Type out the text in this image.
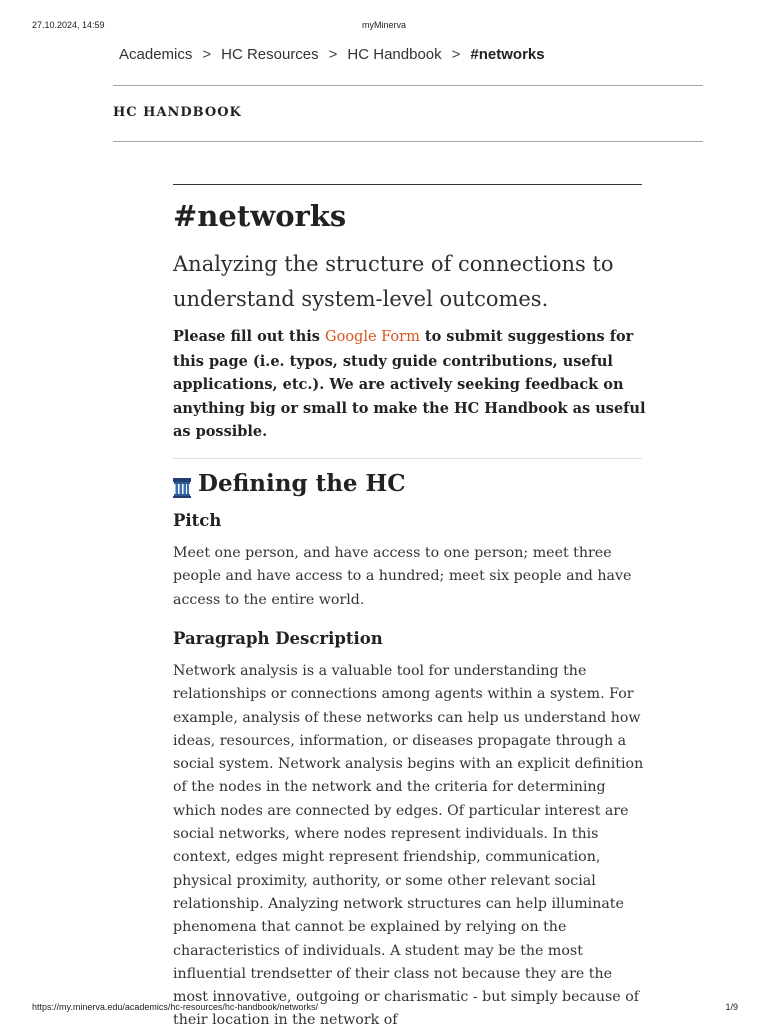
27.10.2024, 14:59	myMinerva
Academics > HC Resources > HC Handbook > #networks
HC HANDBOOK
#networks

Analyzing the structure of connections to understand system-level outcomes.

Please fill out this Google Form to submit suggestions for this page (i.e. typos, study guide contributions, useful applications, etc.). We are actively seeking feedback on anything big or small to make the HC Handbook as useful as possible.

Defining the HC
Pitch

Meet one person, and have access to one person; meet three people and have access to a hundred; meet six people and have access to the entire world.

Paragraph Description

Network analysis is a valuable tool for understanding the relationships or connections among agents within a system. For example, analysis of these networks can help us understand how ideas, resources, information, or diseases propagate through a social system. Network analysis begins with an explicit definition of the nodes in the network and the criteria for determining which nodes are connected by edges. Of particular interest are social networks, where nodes represent individuals. In this context, edges might represent friendship, communication, physical proximity, authority, or some other relevant social relationship. Analyzing network structures can help illuminate phenomena that cannot be explained by relying on the characteristics of individuals. A student may be the most influential trendsetter of their class not because they are the most innovative, outgoing or charismatic - but simply because of their location in the network of

https://my.minerva.edu/academics/hc-resources/hc-handbook/networks/	1/9
